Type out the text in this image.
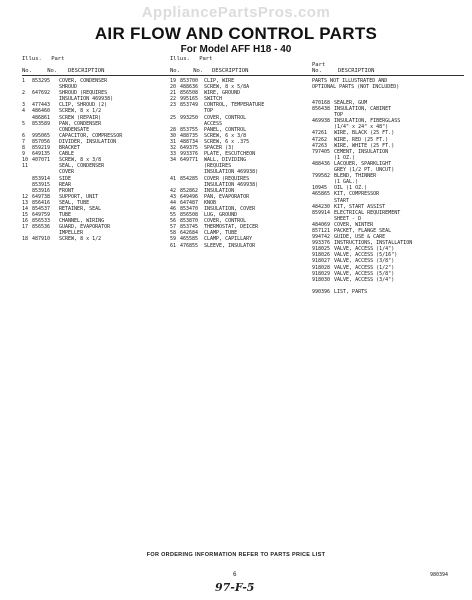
AppliancePartsPros.com
AIR FLOW AND CONTROL PARTS
For Model AFF H18 - 40
Illus. Part
No.	No. DESCRIPTION
1	853295	COVER, CONDENSER
SHROUD
2	647692	SHROUD (REQUIRES
INSULATION 469938)
3	477443	CLIP, SHROUD (2)
4	486460	SCREW, 8 x 1/2
486861	SCREW (REPAIR)
5	853589	PAN, CONDENSER
CONDENSATE
6	995065	CAPACITOR, COMPRESSOR
7	857056	DIVIDER, INSULATION
8	859219	BRACKET
9	649135	CABLE
10 407071	SCREW, 8 x 3/8
11	SEAL, CONDENSER
COVER
853914	SIDE
853915	REAR
853916	FRONT
12 649738	SUPPORT, UNIT
13 856416	SEAL, TUBE
14 854537	RETAINER, SEAL
15 649759	TUBE
16 856533	CHANNEL, WIRING
17 856536	GUARD, EVAPORATOR
IMPELLER
18 487910	SCREW, 8 x 1/2
Illus. Part
No. No. DESCRIPTION
19 853700	CLIP, WIRE
20 488636	SCREW, 8 x 5/8A
21 856508	WIRE, GROUND
22 995165	SWITCH
23 853749	CONTROL, TEMPERATURE
TOP
25 993250	COVER, CONTROL
ACCESS
28 853755	PANEL, CONTROL
30 488735	SCREW, 6 x 3/8
31 488734	SCREW, 6 x .375
32 649375	SPACER (3)
33 993376	PLATE, ESCUTCHEON
34 649771	WALL, DIVIDING
(REQUIRES
INSULATION 469938)
41 854285	COVER (REQUIRES
INSULATION 469938)
42 852862	INSULATION
43 649496	PAN, EVAPORATOR
44 647487	KNOB
46 853470	INSULATION, COVER
55 856508	LUG, GROUND
56 853870	COVER, CONTROL
57 853745	THERMOSTAT, DEICER
58 642684	CLAMP, TUBE
59 465585	CLAMP, CAPILLARY
61 476855	SLEEVE, INSULATOR
Part
No.	DESCRIPTION
PARTS NOT ILLUSTRATED AND
OPTIONAL PARTS (NOT INCLUDED)
470168 SEALER, GUM
856438 INSULATION, CABINET
TOP
469938 INSULATION, FIBERGLASS
(1/4" x 24" x 48")
47261	WIRE, BLACK (25 FT.)
47262	WIRE, RED (25 FT.)
47263	WIRE, WHITE (25 FT.)
797405 CEMENT, INSULATION
(1 OZ.)
488436 LACQUER, SPARKLIGHT
GREY (1/2 PT. UNCUT)
799582 BLEND, THINNER
(1 GAL.)
10945	OIL (1 OZ.)
465865 KIT, COMPRESSOR
START
484230 KIT, START ASSIST
859914 ELECTRICAL REQUIREMENT
SHEET - D
484069 COVER, WINTER
857121 PACKET, FLANGE SEAL
994742 GUIDE, USE & CARE
993376 INSTRUCTIONS, INSTALLATION
918025 VALVE, ACCESS (1/4")
918026 VALVE, ACCESS (5/16")
918027 VALVE, ACCESS (3/8")
918028 VALVE, ACCESS (1/2")
918029 VALVE, ACCESS (5/8")
918030 VALVE, ACCESS (3/4")

990396 LIST, PARTS
FOR ORDERING INFORMATION REFER TO PARTS PRICE LIST
6	980394
97-F-5
